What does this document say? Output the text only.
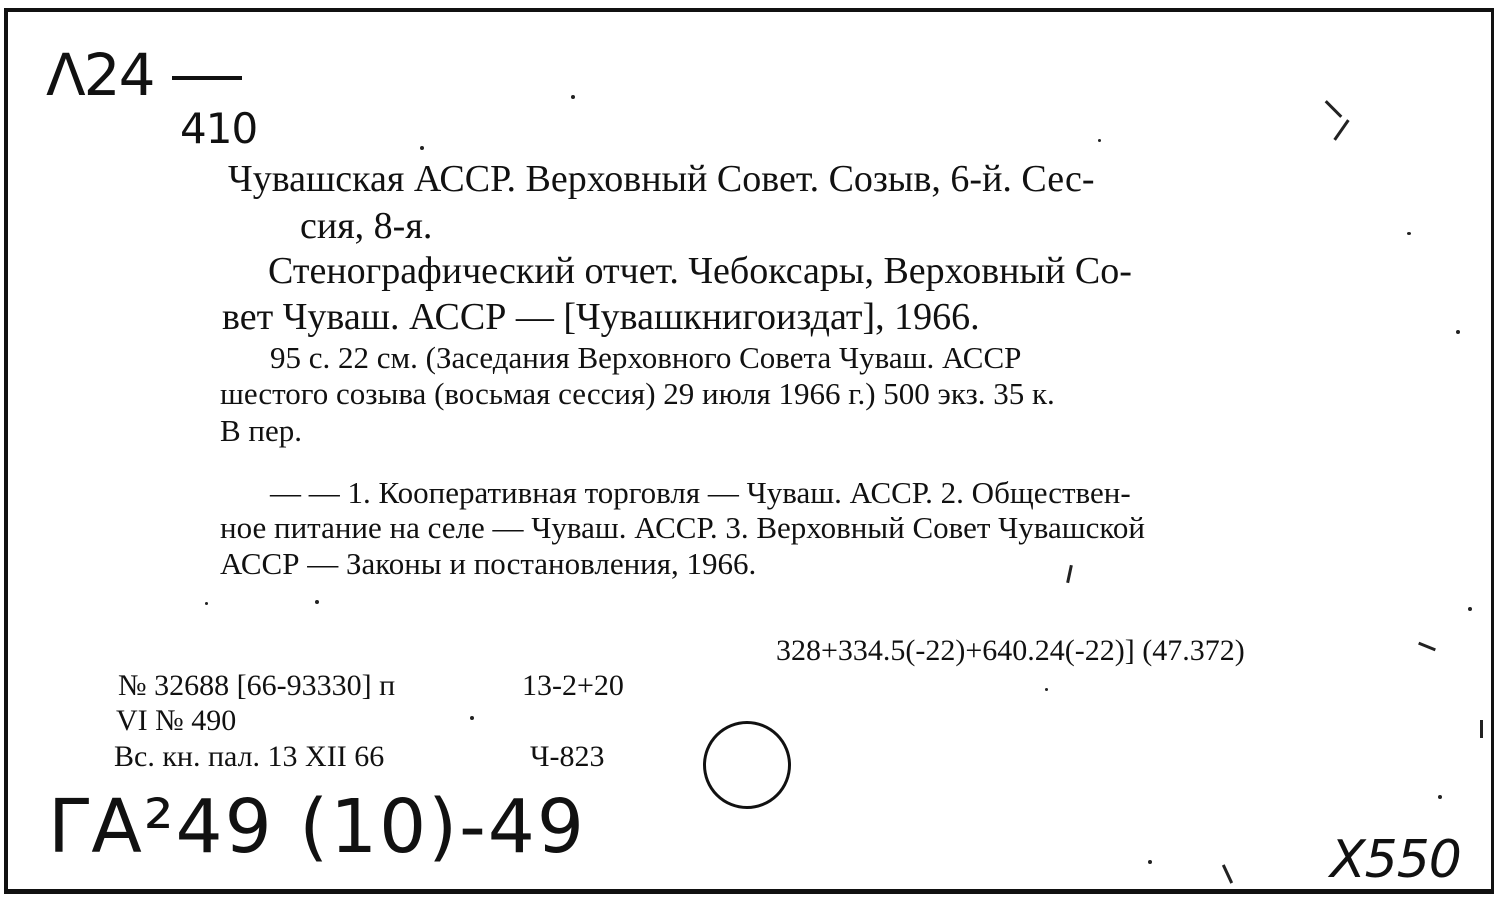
Λ24
410
Чувашская АССР. Верховный Совет. Созыв, 6-й. Сес-
сия, 8-я.
Стенографический отчет. Чебоксары, Верховный Со-
вет Чуваш. АССР — [Чувашкнигоиздат], 1966.
95 с. 22 см. (Заседания Верховного Совета Чуваш. АССР
шестого созыва (восьмая сессия) 29 июля 1966 г.) 500 экз. 35 к.
В пер.
— — 1. Кооперативная торговля — Чуваш. АССР. 2. Обществен-
ное питание на селе — Чуваш. АССР. 3. Верховный Совет Чувашской
АССР — Законы и постановления, 1966.
328+334.5(-22)+640.24(-22)] (47.372)
№ 32688 [66-93330] п	13-2+20
VI № 490
Вс. кн. пал. 13 XII 66	Ч-823
ΓA²49 (10)-49	X550
